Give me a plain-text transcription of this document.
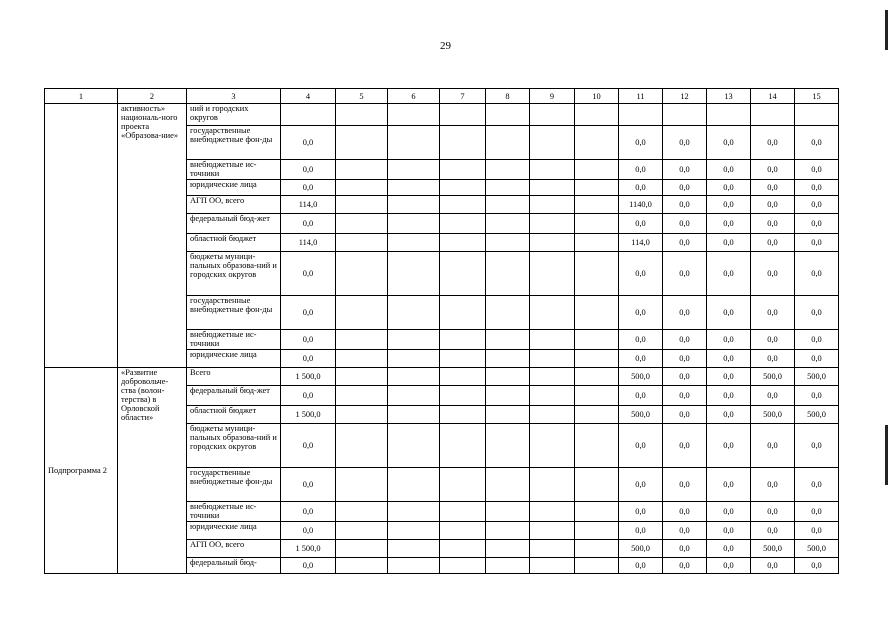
29
1	2	3	4	5	6	7	8	9	10	11	12	13	14	15
	активность» националь-ного проекта «Образова-ние»	ний и городских округов												
		государственные внебюджетные фон-ды	0,0							0,0	0,0	0,0	0,0	0,0
		внебюджетные ис-точники	0,0							0,0	0,0	0,0	0,0	0,0
		юридические лица	0,0							0,0	0,0	0,0	0,0	0,0
		АГП ОО, всего	114,0							1140,0	0,0	0,0	0,0	0,0
		федеральный бюд-жет	0,0							0,0	0,0	0,0	0,0	0,0
		областной бюджет	114,0							114,0	0,0	0,0	0,0	0,0
		бюджеты муници-пальных образова-ний и городских округов	0,0							0,0	0,0	0,0	0,0	0,0
		государственные внебюджетные фон-ды	0,0							0,0	0,0	0,0	0,0	0,0
		внебюджетные ис-точники	0,0							0,0	0,0	0,0	0,0	0,0
		юридические лица	0,0							0,0	0,0	0,0	0,0	0,0
Подпрограмма 2	«Развитие добровольче-ства (волон-терства) в Орловской области»	Всего	1 500,0							500,0	0,0	0,0	500,0	500,0
		федеральный бюд-жет	0,0							0,0	0,0	0,0	0,0	0,0
		областной бюджет	1 500,0							500,0	0,0	0,0	500,0	500,0
		бюджеты муници-пальных образова-ний и городских округов	0,0							0,0	0,0	0,0	0,0	0,0
		государственные внебюджетные фон-ды	0,0							0,0	0,0	0,0	0,0	0,0
		внебюджетные ис-точники	0,0							0,0	0,0	0,0	0,0	0,0
		юридические лица	0,0							0,0	0,0	0,0	0,0	0,0
		АГП ОО, всего	1 500,0							500,0	0,0	0,0	500,0	500,0
		федеральный бюд-	0,0							0,0	0,0	0,0	0,0	0,0
